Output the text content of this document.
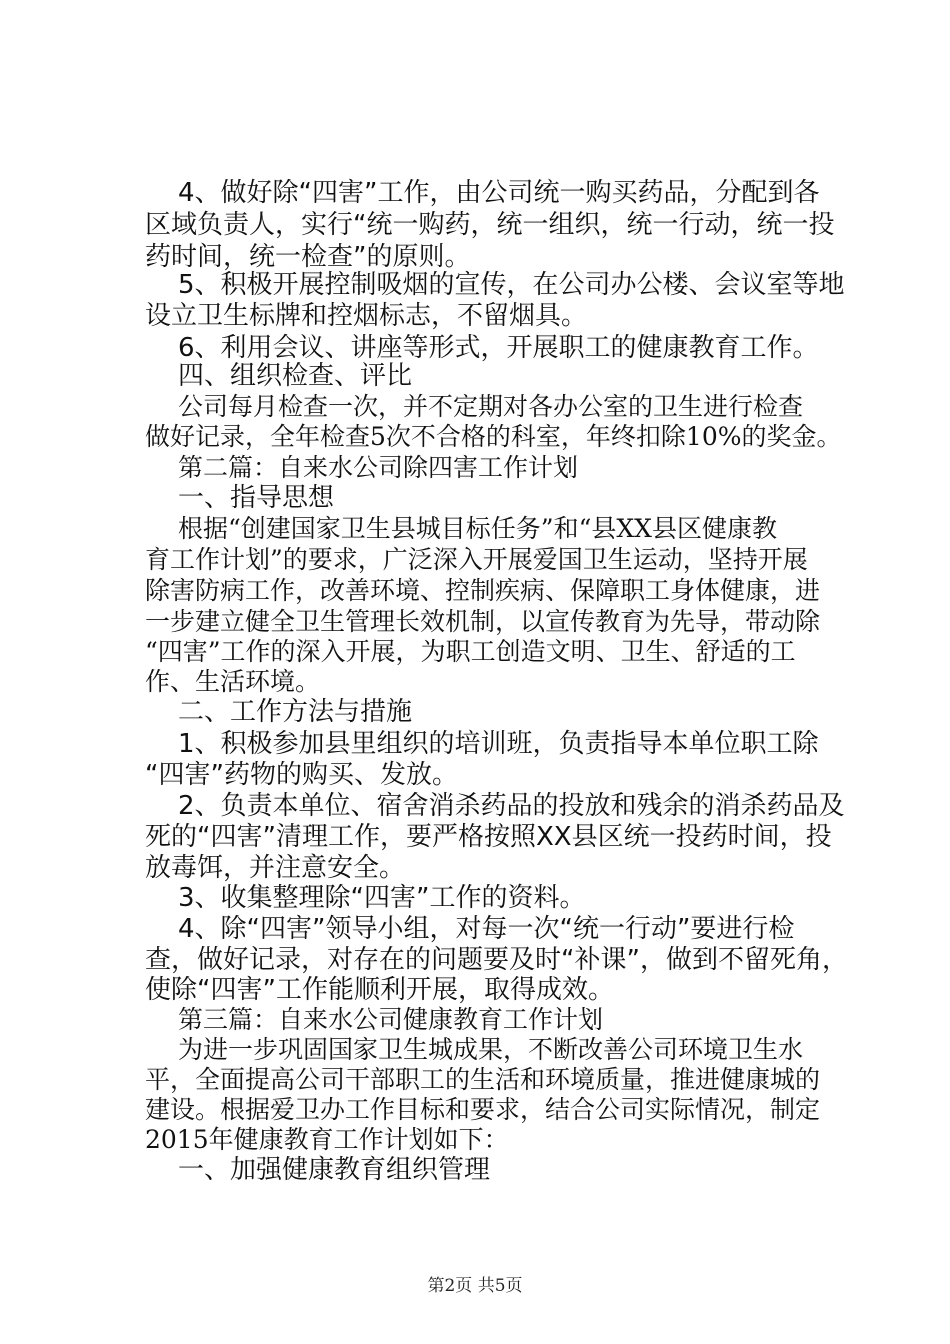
4、做好除“四害”工作，由公司统一购买药品，分配到各
区域负责人，实行“统一购药，统一组织，统一行动，统一投
药时间，统一检查”的原则。
5、积极开展控制吸烟的宣传，在公司办公楼、会议室等地
设立卫生标牌和控烟标志，不留烟具。
6、利用会议、讲座等形式，开展职工的健康教育工作。
四、组织检查、评比
公司每月检查一次，并不定期对各办公室的卫生进行检查
做好记录，全年检查5次不合格的科室，年终扣除10%的奖金。
第二篇：自来水公司除四害工作计划
一、指导思想
根据“创建国家卫生县城目标任务”和“县XX县区健康教
育工作计划”的要求，广泛深入开展爱国卫生运动，坚持开展
除害防病工作，改善环境、控制疾病、保障职工身体健康，进
一步建立健全卫生管理长效机制，以宣传教育为先导，带动除
“四害”工作的深入开展，为职工创造文明、卫生、舒适的工
作、生活环境。
二、工作方法与措施
1、积极参加县里组织的培训班，负责指导本单位职工除
“四害”药物的购买、发放。
2、负责本单位、宿舍消杀药品的投放和残余的消杀药品及
死的“四害”清理工作，要严格按照XX县区统一投药时间，投
放毒饵，并注意安全。
3、收集整理除“四害”工作的资料。
4、除“四害”领导小组，对每一次“统一行动”要进行检
查，做好记录，对存在的问题要及时“补课”，做到不留死角，
使除“四害”工作能顺利开展，取得成效。
第三篇：自来水公司健康教育工作计划
为进一步巩固国家卫生城成果，不断改善公司环境卫生水
平，全面提高公司干部职工的生活和环境质量，推进健康城的
建设。根据爱卫办工作目标和要求，结合公司实际情况，制定
2015年健康教育工作计划如下：
一、加强健康教育组织管理
第2页 共5页
